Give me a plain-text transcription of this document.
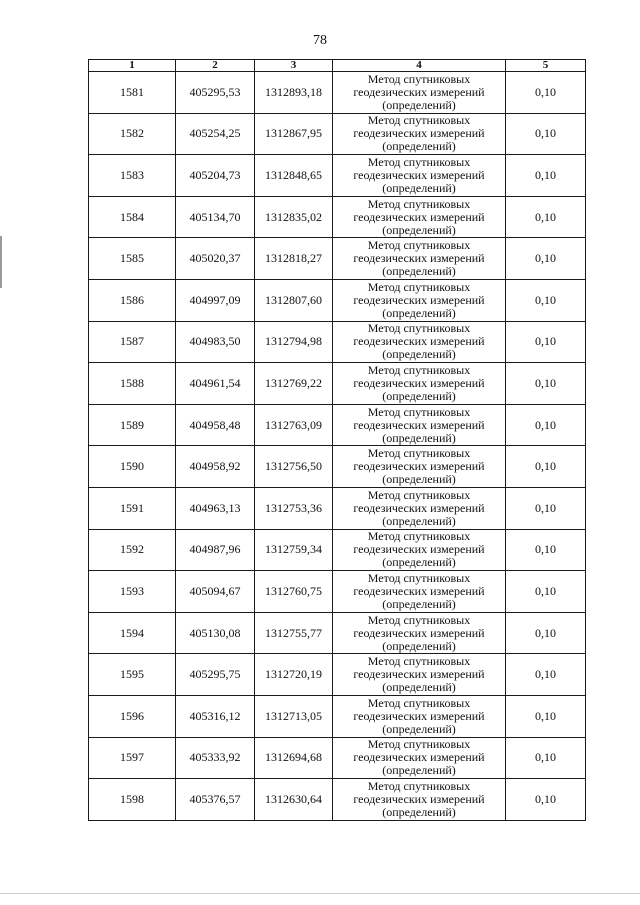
78
1	2	3	4	5
1581	405295,53	1312893,18	Метод спутниковых
геодезических измерений
(определений)	0,10
1582	405254,25	1312867,95	Метод спутниковых
геодезических измерений
(определений)	0,10
1583	405204,73	1312848,65	Метод спутниковых
геодезических измерений
(определений)	0,10
1584	405134,70	1312835,02	Метод спутниковых
геодезических измерений
(определений)	0,10
1585	405020,37	1312818,27	Метод спутниковых
геодезических измерений
(определений)	0,10
1586	404997,09	1312807,60	Метод спутниковых
геодезических измерений
(определений)	0,10
1587	404983,50	1312794,98	Метод спутниковых
геодезических измерений
(определений)	0,10
1588	404961,54	1312769,22	Метод спутниковых
геодезических измерений
(определений)	0,10
1589	404958,48	1312763,09	Метод спутниковых
геодезических измерений
(определений)	0,10
1590	404958,92	1312756,50	Метод спутниковых
геодезических измерений
(определений)	0,10
1591	404963,13	1312753,36	Метод спутниковых
геодезических измерений
(определений)	0,10
1592	404987,96	1312759,34	Метод спутниковых
геодезических измерений
(определений)	0,10
1593	405094,67	1312760,75	Метод спутниковых
геодезических измерений
(определений)	0,10
1594	405130,08	1312755,77	Метод спутниковых
геодезических измерений
(определений)	0,10
1595	405295,75	1312720,19	Метод спутниковых
геодезических измерений
(определений)	0,10
1596	405316,12	1312713,05	Метод спутниковых
геодезических измерений
(определений)	0,10
1597	405333,92	1312694,68	Метод спутниковых
геодезических измерений
(определений)	0,10
1598	405376,57	1312630,64	Метод спутниковых
геодезических измерений
(определений)	0,10
